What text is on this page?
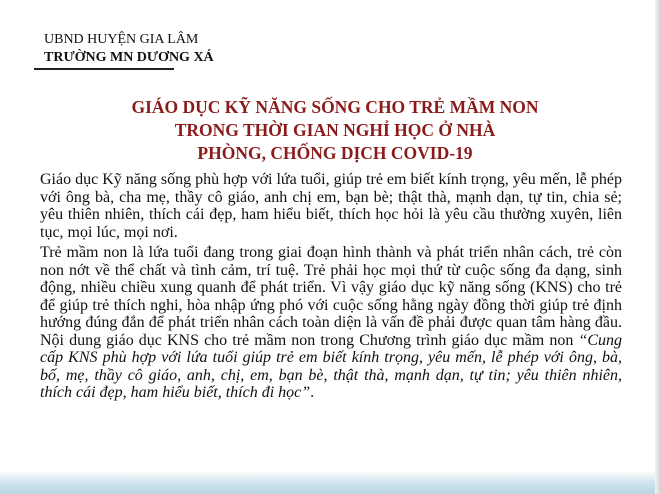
UBND HUYỆN GIA LÂM
TRƯỜNG MN DƯƠNG XÁ
GIÁO DỤC KỸ NĂNG SỐNG CHO TRẺ MẦM NON
TRONG THỜI GIAN NGHỈ HỌC Ở NHÀ
PHÒNG, CHỐNG DỊCH COVID-19

Giáo dục Kỹ năng sống phù hợp với lứa tuổi, giúp trẻ em biết kính trọng, yêu mến, lễ phép với ông bà, cha mẹ, thầy cô giáo, anh chị em, bạn bè; thật thà, mạnh dạn, tự tin, chia sẻ; yêu thiên nhiên, thích cái đẹp, ham hiểu biết, thích học hỏi là yêu cầu thường xuyên, liên tục, mọi lúc, mọi nơi.

Trẻ mầm non là lứa tuổi đang trong giai đoạn hình thành và phát triển nhân cách, trẻ còn non nớt về thể chất và tình cảm, trí tuệ. Trẻ phải học mọi thứ từ cuộc sống đa dạng, sinh động, nhiều chiều xung quanh để phát triển. Vì vậy giáo dục kỹ năng sống (KNS) cho trẻ để giúp trẻ thích nghi, hòa nhập ứng phó với cuộc sống hằng ngày đồng thời giúp trẻ định hướng đúng đắn để phát triển nhân cách toàn diện là vấn đề phải được quan tâm hàng đầu. Nội dung giáo dục KNS cho trẻ mầm non trong Chương trình giáo dục mầm non “Cung cấp KNS phù hợp với lứa tuổi giúp trẻ em biết kính trọng, yêu mến, lễ phép với ông, bà, bố, mẹ, thầy cô giáo, anh, chị, em, bạn bè, thật thà, mạnh dạn, tự tin; yêu thiên nhiên, thích cái đẹp, ham hiểu biết, thích đi học”.
